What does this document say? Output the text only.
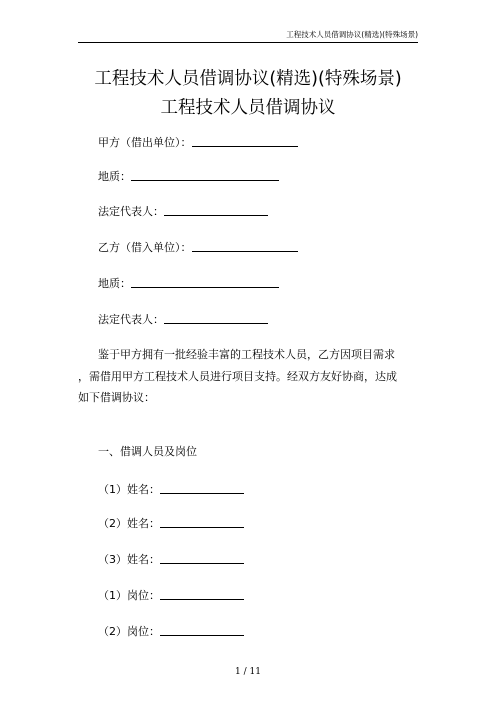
工程技术人员借调协议(精选)(特殊场景)
工程技术人员借调协议(精选)(特殊场景)
工程技术人员借调协议
甲方（借出单位）：
地质：
法定代表人：
乙方（借入单位）：
地质：
法定代表人：
鉴于甲方拥有一批经验丰富的工程技术人员，乙方因项目需求
，需借用甲方工程技术人员进行项目支持。经双方友好协商，达成
如下借调协议：
一、借调人员及岗位
（1）姓名：
（2）姓名：
（3）姓名：
（1）岗位：
（2）岗位：
1 / 11
